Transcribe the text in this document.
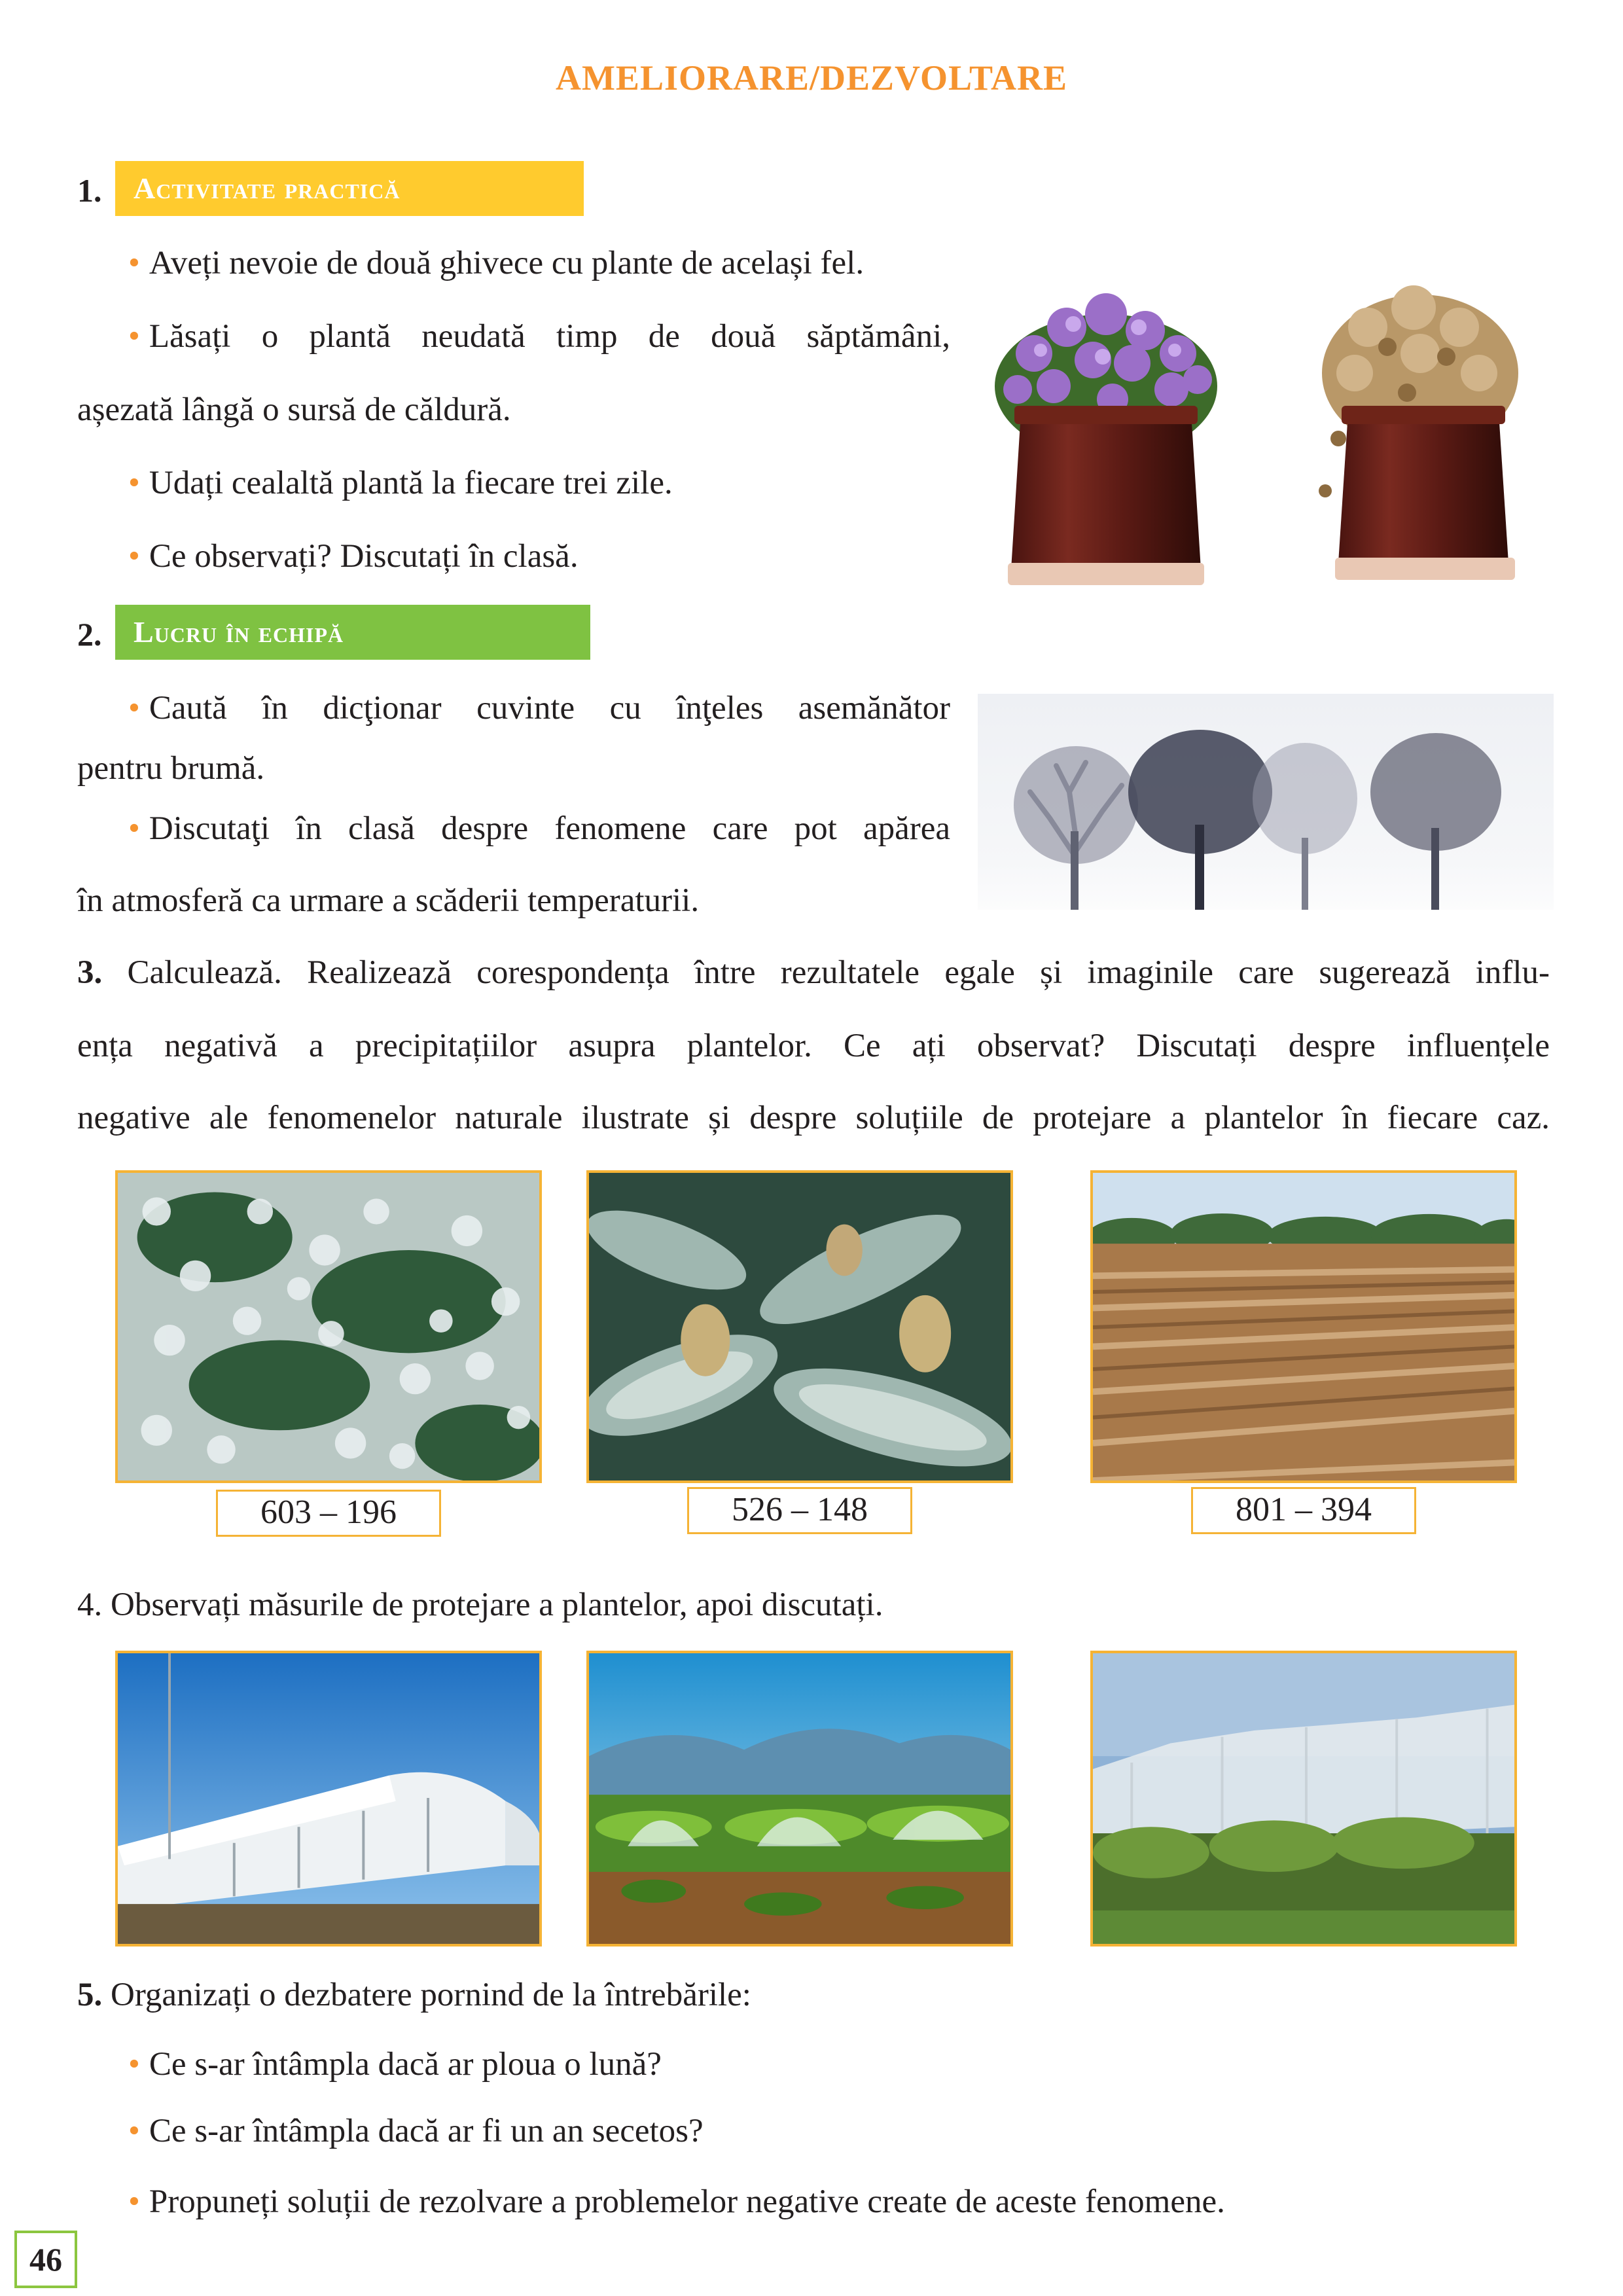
AMELIORARE/DEZVOLTARE
1.	Activitate practică
• Aveți nevoie de două ghivece cu plante de același fel.
• Lăsați o plantă neudată timp de două săptămâni,
așezată lângă o sursă de căldură.
• Udați cealaltă plantă la fiecare trei zile.
• Ce observați? Discutați în clasă.
2.	Lucru în echipă
• Caută în dicţionar cuvinte cu înţeles asemănător
pentru brumă.
• Discutaţi în clasă despre fenomene care pot apărea
în atmosferă ca urmare a scăderii temperaturii.
3. Calculează. Realizează corespondența între rezultatele egale și imaginile care sugerează influ-
ența negativă a precipitațiilor asupra plantelor. Ce ați observat? Discutați despre influențele
negative ale fenomenelor naturale ilustrate și despre soluțiile de protejare a plantelor în fiecare caz.
603 – 196	526 – 148	801 – 394
4. Observați măsurile de protejare a plantelor, apoi discutați.
5. Organizați o dezbatere pornind de la întrebările:
• Ce s-ar întâmpla dacă ar ploua o lună?
• Ce s-ar întâmpla dacă ar fi un an secetos?
• Propuneți soluții de rezolvare a problemelor negative create de aceste fenomene.
46
